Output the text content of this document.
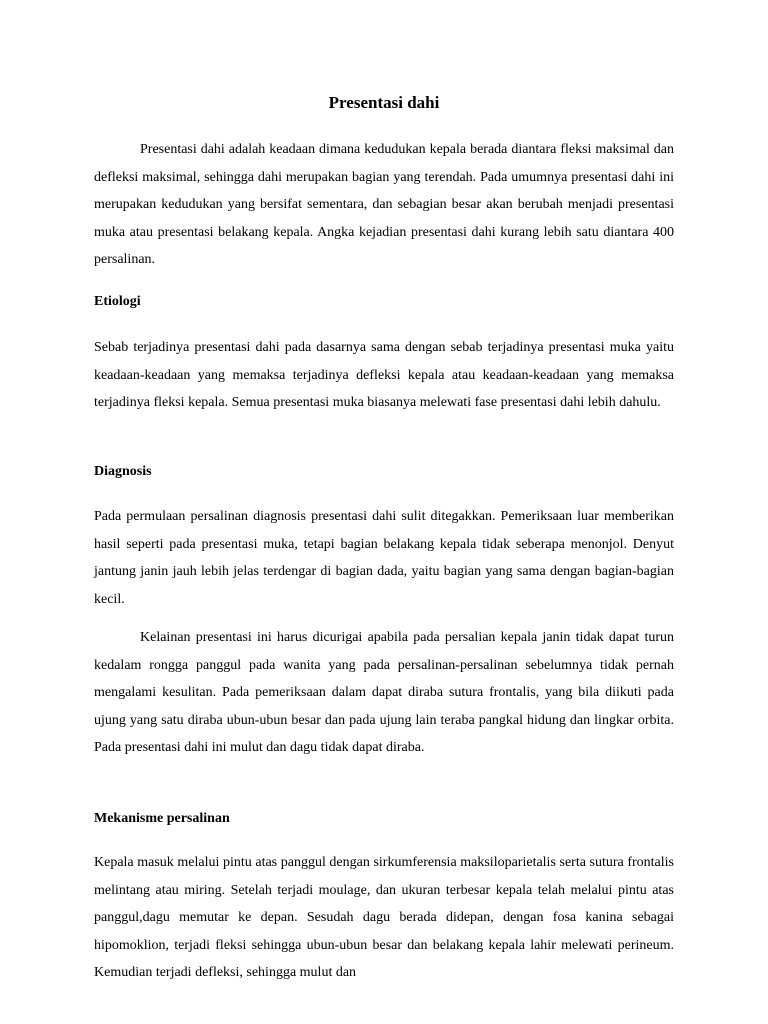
Presentasi dahi

Presentasi dahi adalah keadaan dimana kedudukan kepala berada diantara fleksi maksimal dan defleksi maksimal, sehingga dahi merupakan bagian yang terendah. Pada umumnya presentasi dahi ini merupakan kedudukan yang bersifat sementara, dan sebagian besar akan berubah menjadi presentasi muka atau presentasi belakang kepala. Angka kejadian presentasi dahi kurang lebih satu diantara 400 persalinan.

Etiologi

Sebab terjadinya presentasi dahi pada dasarnya sama dengan sebab terjadinya presentasi muka yaitu keadaan-keadaan yang memaksa terjadinya defleksi kepala atau keadaan-keadaan yang memaksa terjadinya fleksi kepala. Semua presentasi muka biasanya melewati fase presentasi dahi lebih dahulu.

Diagnosis

Pada permulaan persalinan diagnosis presentasi dahi sulit ditegakkan. Pemeriksaan luar memberikan hasil seperti pada presentasi muka, tetapi bagian belakang kepala tidak seberapa menonjol. Denyut jantung janin jauh lebih jelas terdengar di bagian dada, yaitu bagian yang sama dengan bagian-bagian kecil.

Kelainan presentasi ini harus dicurigai apabila pada persalian kepala janin tidak dapat turun kedalam rongga panggul pada wanita yang pada persalinan-persalinan sebelumnya tidak pernah mengalami kesulitan. Pada pemeriksaan dalam dapat diraba sutura frontalis, yang bila diikuti pada ujung yang satu diraba ubun-ubun besar dan pada ujung lain teraba pangkal hidung dan lingkar orbita. Pada presentasi dahi ini mulut dan dagu tidak dapat diraba.

Mekanisme persalinan

Kepala masuk melalui pintu atas panggul dengan sirkumferensia maksiloparietalis serta sutura frontalis melintang atau miring. Setelah terjadi moulage, dan ukuran terbesar kepala telah melalui pintu atas panggul,dagu memutar ke depan. Sesudah dagu berada didepan, dengan fosa kanina sebagai hipomoklion, terjadi fleksi sehingga ubun-ubun besar dan belakang kepala lahir melewati perineum. Kemudian terjadi defleksi, sehingga mulut dan
